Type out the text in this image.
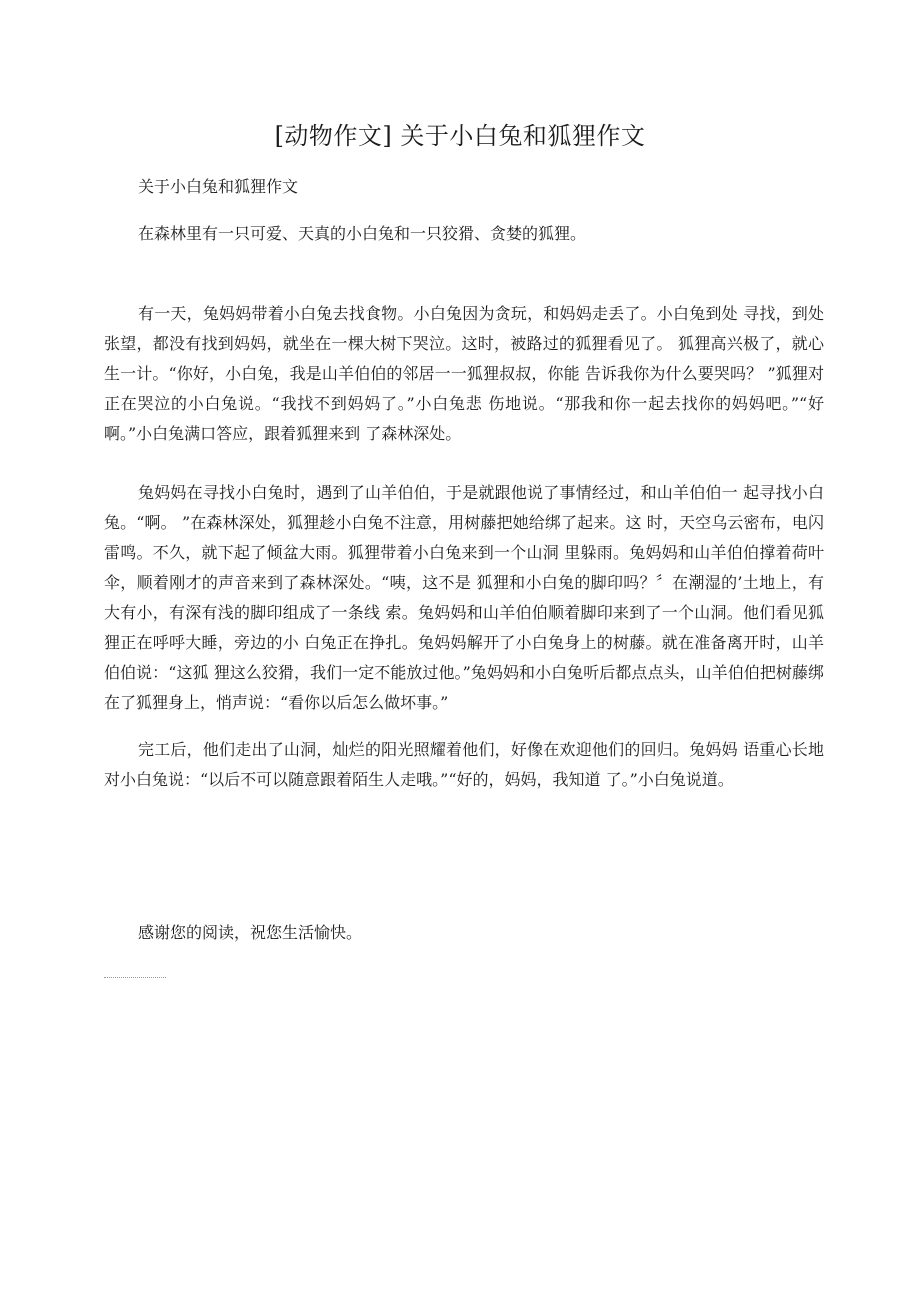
[动物作文] 关于小白兔和狐狸作文

关于小白兔和狐狸作文

在森林里有一只可爱、天真的小白兔和一只狡猾、贪婪的狐狸。

有一天，兔妈妈带着小白兔去找食物。小白兔因为贪玩，和妈妈走丢了。小白兔到处 寻找，到处张望，都没有找到妈妈，就坐在一棵大树下哭泣。这时，被路过的狐狸看见了。 狐狸高兴极了，就心生一计。“你好，小白兔，我是山羊伯伯的邻居一一狐狸叔叔，你能 告诉我你为什么要哭吗？ ”狐狸对正在哭泣的小白兔说。“我找不到妈妈了。”小白兔悲 伤地说。“那我和你一起去找你的妈妈吧。”“好啊。”小白兔满口答应，跟着狐狸来到 了森林深处。

兔妈妈在寻找小白兔时，遇到了山羊伯伯，于是就跟他说了事情经过，和山羊伯伯一 起寻找小白兔。“啊。 ”在森林深处，狐狸趁小白兔不注意，用树藤把她给绑了起来。这 时，天空乌云密布，电闪雷鸣。不久，就下起了倾盆大雨。狐狸带着小白兔来到一个山洞 里躲雨。兔妈妈和山羊伯伯撑着荷叶伞，顺着刚才的声音来到了森林深处。“咦，这不是 狐狸和小白兔的脚印吗？〞在潮湿的’土地上，有大有小，有深有浅的脚印组成了一条线 索。兔妈妈和山羊伯伯顺着脚印来到了一个山洞。他们看见狐狸正在呼呼大睡，旁边的小 白兔正在挣扎。兔妈妈解开了小白兔身上的树藤。就在准备离开时，山羊伯伯说：“这狐 狸这么狡猾，我们一定不能放过他。”兔妈妈和小白兔听后都点点头，山羊伯伯把树藤绑 在了狐狸身上，悄声说：“看你以后怎么做坏事。”

完工后，他们走出了山洞，灿烂的阳光照耀着他们，好像在欢迎他们的回归。兔妈妈 语重心长地对小白兔说：“以后不可以随意跟着陌生人走哦。”“好的，妈妈，我知道 了。”小白兔说道。

感谢您的阅读，祝您生活愉快。
